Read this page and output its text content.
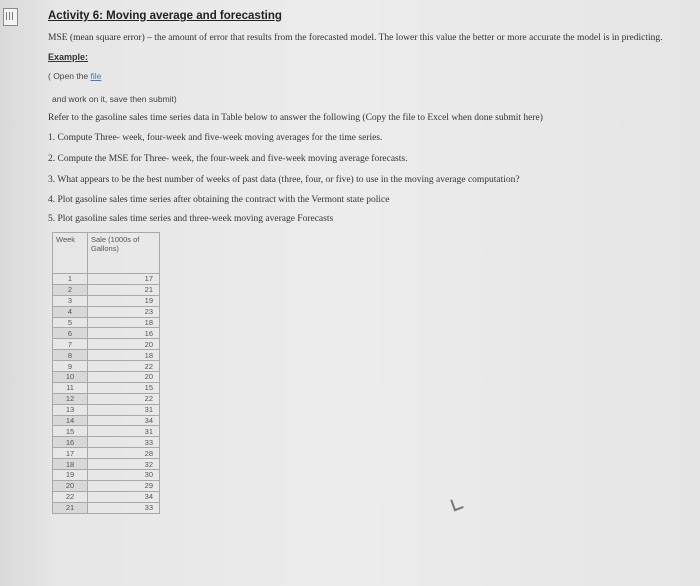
Activity 6: Moving average and forecasting
MSE (mean square error) – the amount of error that results from the forecasted model. The lower this value the better or more accurate the model is in predicting.
Example:
( Open the file
and work on it, save then submit)
Refer to the gasoline sales time series data in Table below to answer the following (Copy the file to Excel when done submit here)
1. Compute Three- week, four-week and five-week moving averages for the time series.
2. Compute the MSE for Three- week, the four-week and five-week moving average forecasts.
3. What appears to be the best number of weeks of past data (three, four, or five) to use in the moving average computation?
4. Plot gasoline sales time series after obtaining the contract with the Vermont state police
5. Plot gasoline sales time series and three-week moving average Forecasts
Week	Sale (1000s of Gallons)
1	17
2	21
3	19
4	23
5	18
6	16
7	20
8	18
9	22
10	20
11	15
12	22
13	31
14	34
15	31
16	33
17	28
18	32
19	30
20	29
22	34
21	33
